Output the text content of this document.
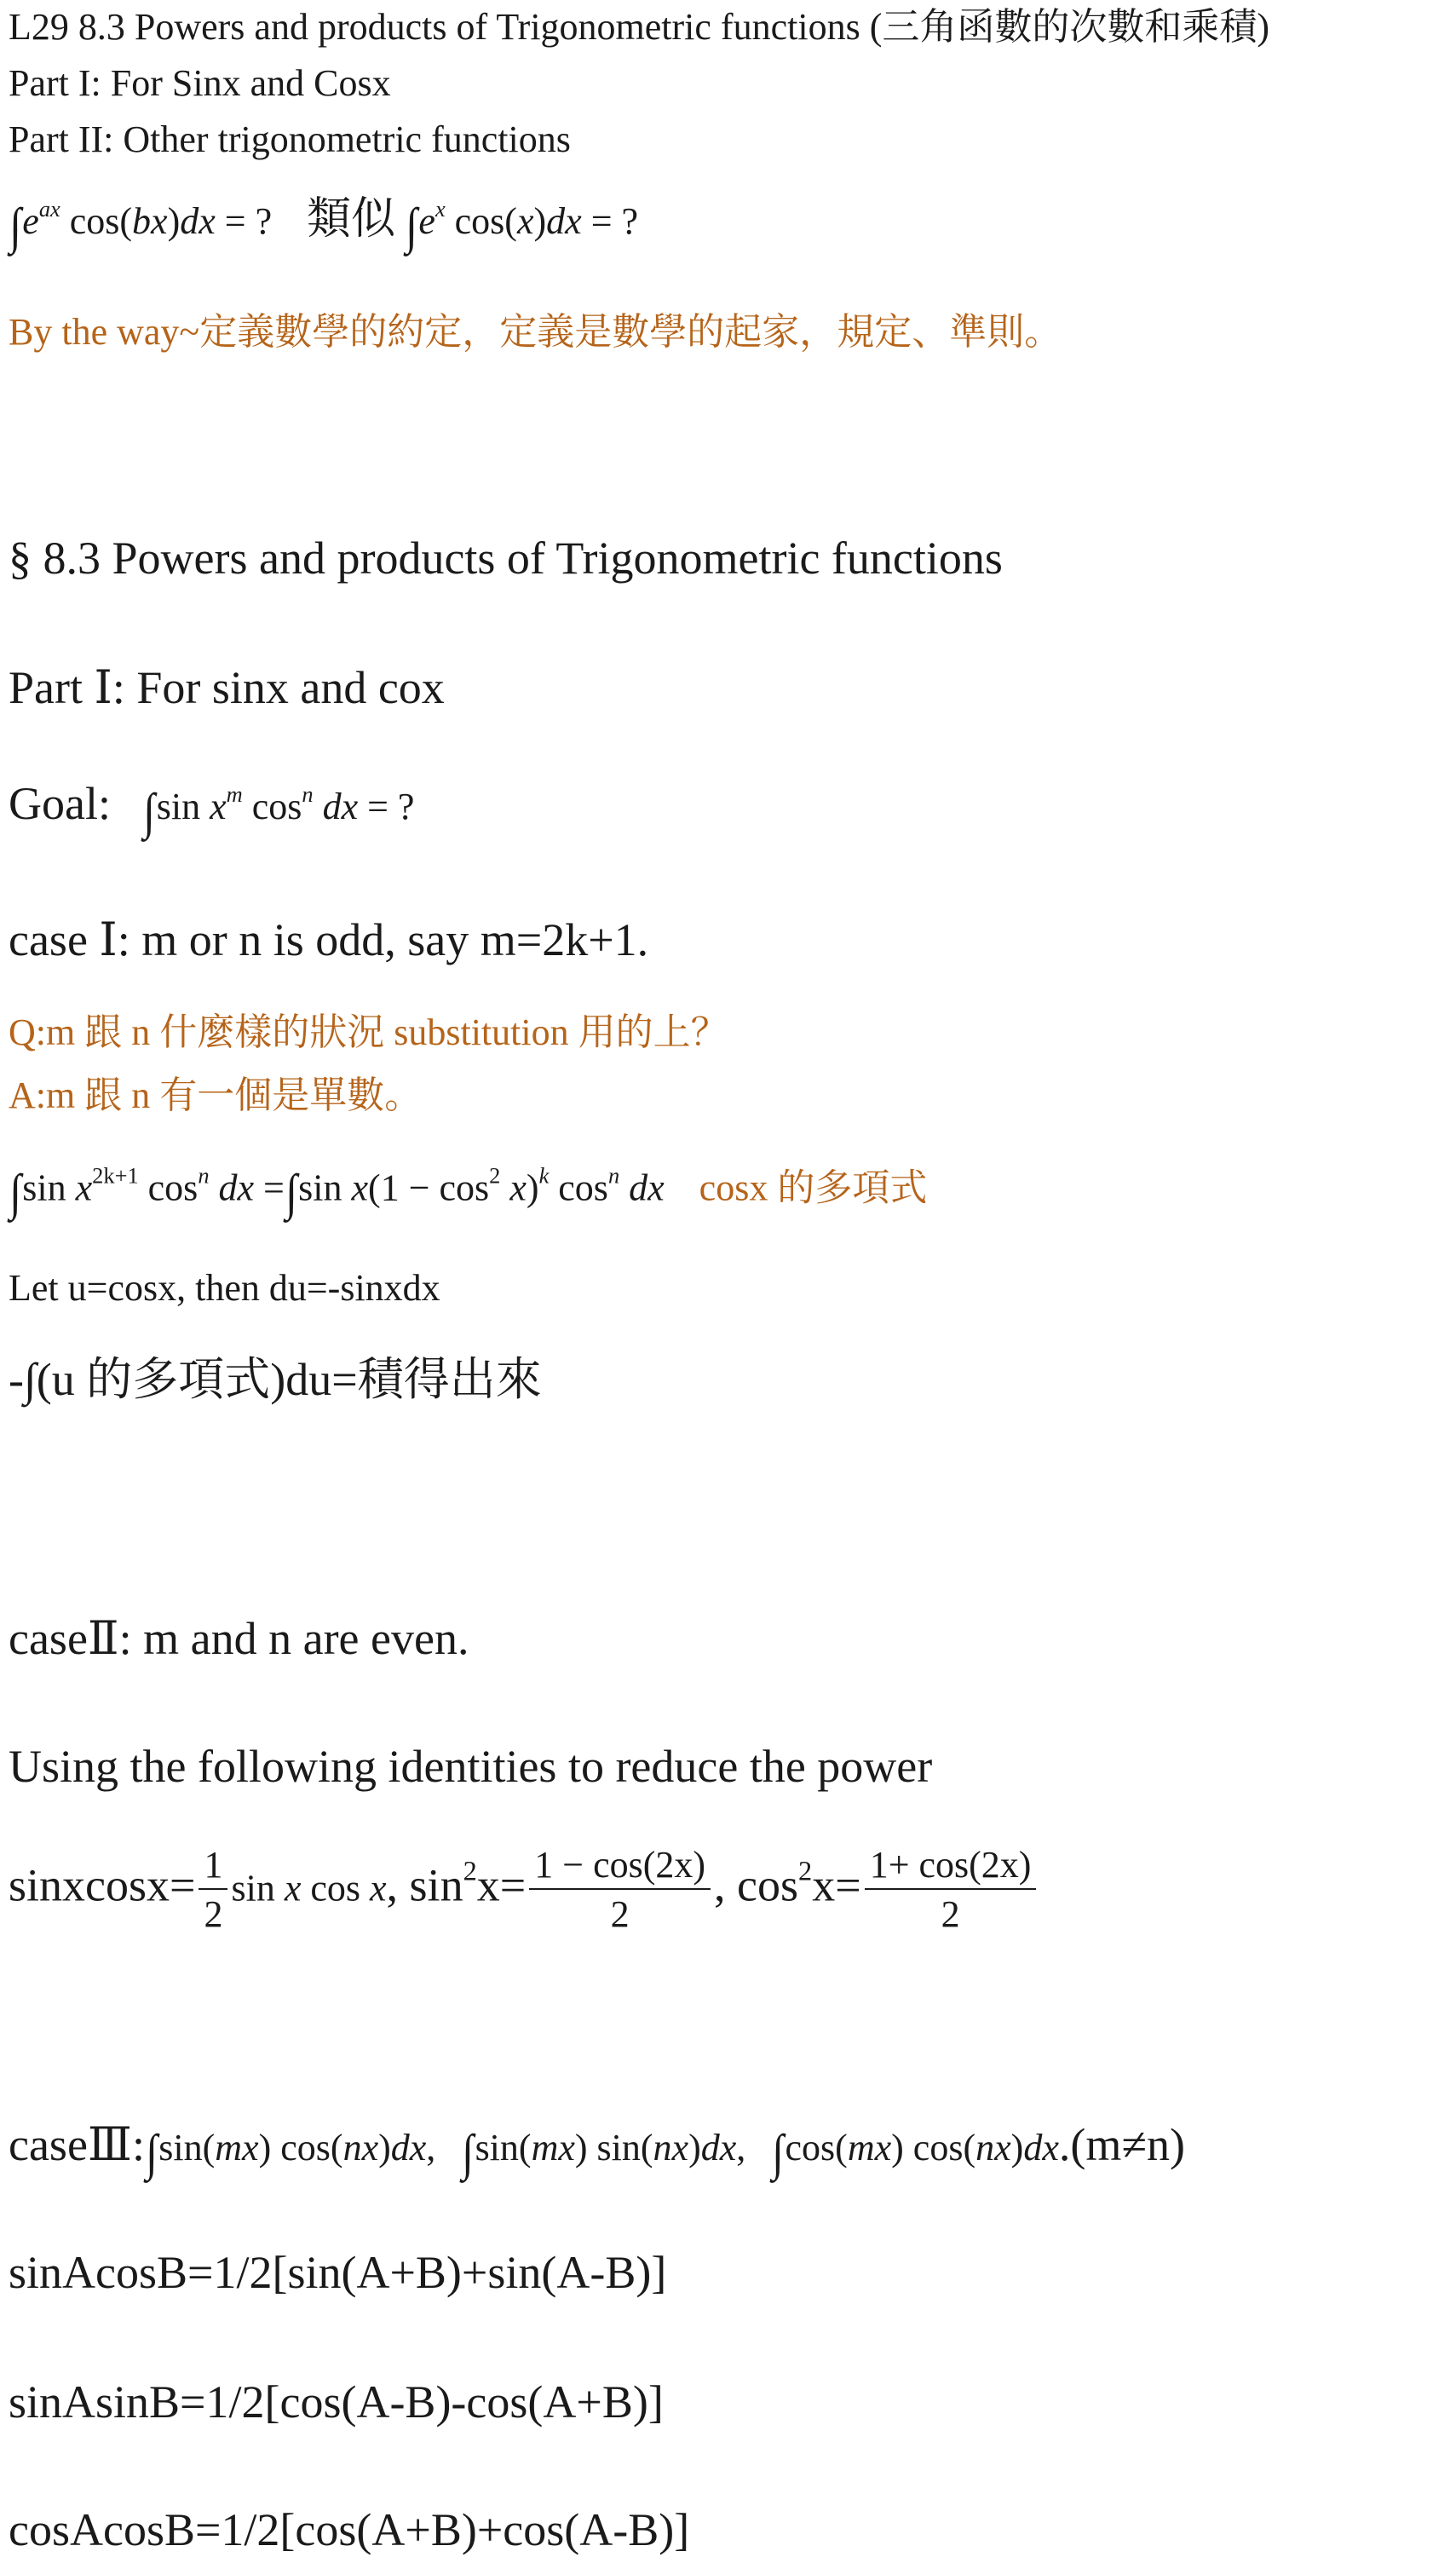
L29 8.3 Powers and products of Trigonometric functions (三角函數的次數和乘積)
Part I: For Sinx and Cosx
Part II: Other trigonometric functions
$\int e^{ax}$ cos(bx)dx = ? 類似 $\int e^x$ cos(x)dx = ?
By the way~定義數學的約定，定義是數學的起家，規定、準則。
§ 8.3 Powers and products of Trigonometric functions
Part Ⅰ: For sinx and cox
Goal: ∫sin $x^m$ $\cos^n$ dx = ?
case Ⅰ: m or n is odd, say m=2k+1.
Q:m 跟 n 什麼樣的狀況 substitution 用的上？
A:m 跟 n 有一個是單數。
∫sin $x^{2k+1}$ $\cos^n$ dx =∫sin $x(1 - \cos^2 x)^k$ $\cos^n$ dx cosx 的多項式
Let u=cosx, then du=-sinxdx
-∫(u 的多項式)du=積得出來
caseⅡ: m and n are even.
Using the following identities to reduce the power
sinxcosx= $\frac{1}{2}$ sin x cos x, $\sin^2x= \frac{1 - \cos(2x)}{2}$ , $\cos^2x= \frac{1+ \cos(2x)}{2}$
caseⅢ:∫sin(mx) cos(nx)dx, ∫sin(mx) sin(nx)dx, ∫cos(mx) cos(nx)dx.(m≠n)
sinAcosB=1/2[sin(A+B)+sin(A-B)]
sinAsinB=1/2[cos(A-B)-cos(A+B)]
cosAcosB=1/2[cos(A+B)+cos(A-B)]
